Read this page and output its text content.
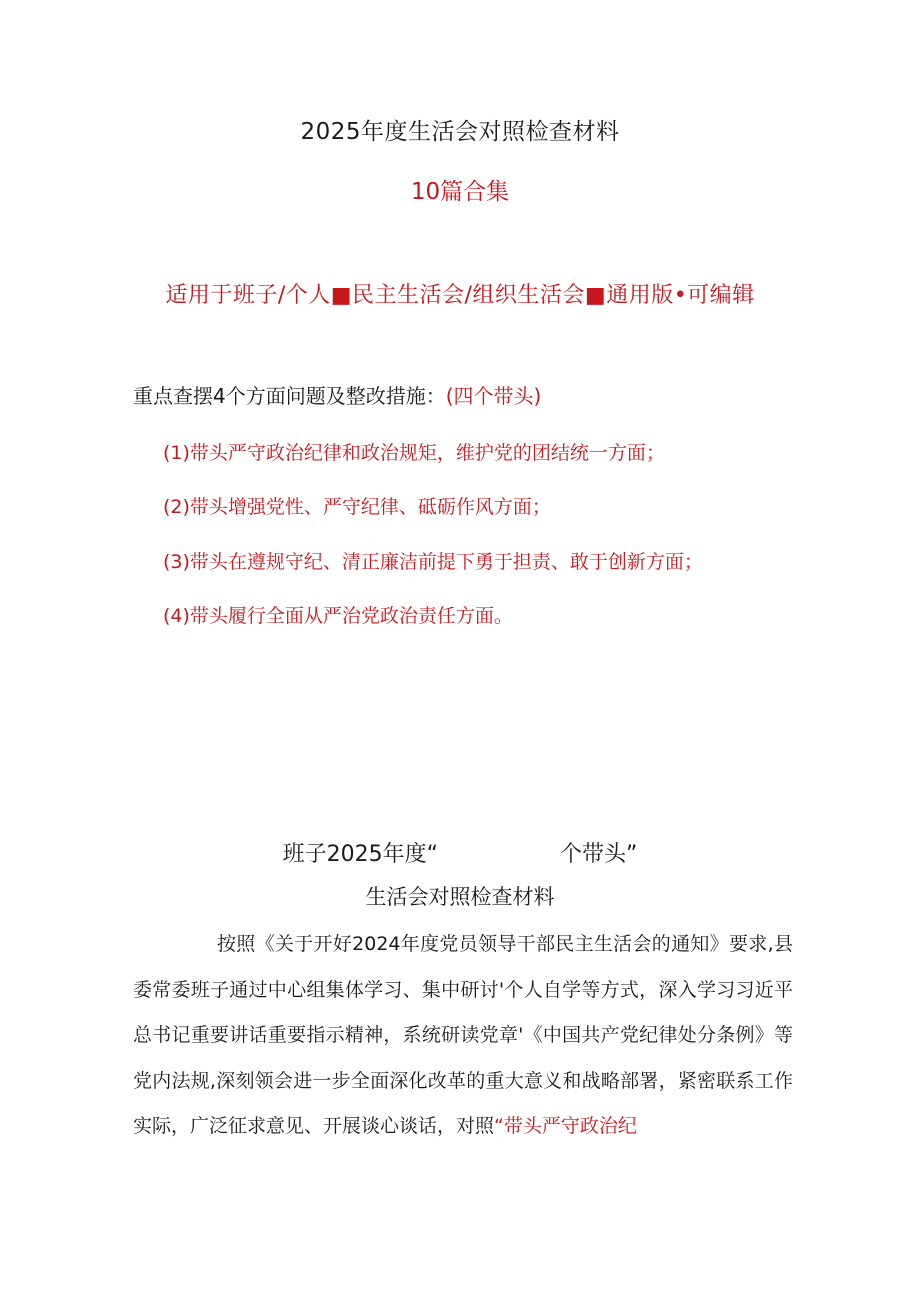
2025年度生活会对照检查材料
10篇合集
适用于班子/个人■民主生活会/组织生活会■通用版•可编辑
重点查摆4个方面问题及整改措施：(四个带头)
(1)带头严守政治纪律和政治规矩，维护党的团结统一方面；
(2)带头增强党性、严守纪律、砥砺作风方面；
(3)带头在遵规守纪、清正廉洁前提下勇于担责、敢于创新方面；
(4)带头履行全面从严治党政治责任方面。
班子2025年度“	个带头”
生活会对照检查材料
按照《关于开好2024年度党员领导干部民主生活会的通知》要求,县委常委班子通过中心组集体学习、集中研讨'个人自学等方式，深入学习习近平总书记重要讲话重要指示精神，系统研读党章'《中国共产党纪律处分条例》等党内法规,深刻领会进一步全面深化改革的重大意义和战略部署，紧密联系工作实际，广泛征求意见、开展谈心谈话，对照“带头严守政治纪
